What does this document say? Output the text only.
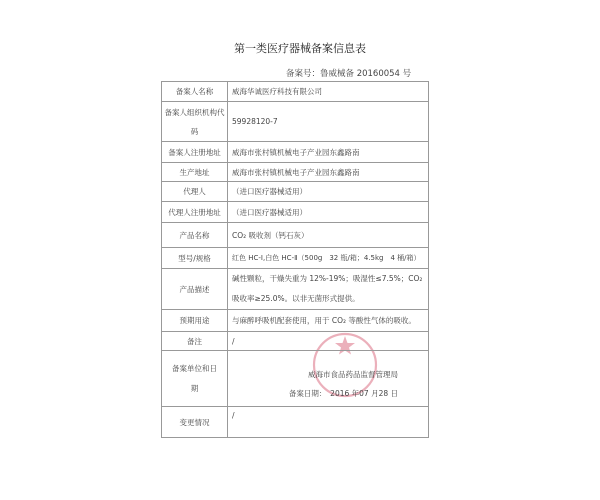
第一类医疗器械备案信息表
备案号：鲁威械备 20160054 号
备案人名称	威海华诚医疗科技有限公司
备案人组织机构代码	59928120-7
备案人注册地址	威海市张村镇机械电子产业园东鑫路南
生产地址	威海市张村镇机械电子产业园东鑫路南
代理人	（进口医疗器械适用）
代理人注册地址	（进口医疗器械适用）
产品名称	CO₂ 吸收剂（钙石灰）
型号/规格	红色 HC-Ⅰ,白色 HC-Ⅱ（500g　32 瓶/箱；4.5kg　4 桶/箱）
产品描述	碱性颗粒，干燥失重为 12%-19%；吸湿性≤7.5%；CO₂ 吸收率≥25.0%。以非无菌形式提供。
预期用途	与麻醉呼吸机配套使用，用于 CO₂ 等酸性气体的吸收。
备注	/
备案单位和日期	威海市食品药品监督管理局
备案日期：　2016 年07 月28 日

变更情况	/
